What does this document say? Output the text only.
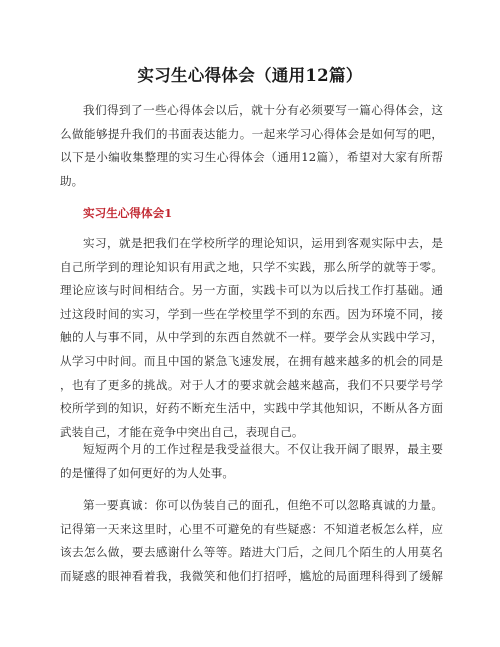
实习生心得体会（通用12篇）
我们得到了一些心得体会以后，就十分有必须要写一篇心得体会，这
么做能够提升我们的书面表达能力。一起来学习心得体会是如何写的吧，
以下是小编收集整理的实习生心得体会（通用12篇），希望对大家有所帮
助。
实习生心得体会1
实习，就是把我们在学校所学的理论知识，运用到客观实际中去，是
自己所学到的理论知识有用武之地，只学不实践，那么所学的就等于零。
理论应该与时间相结合。另一方面，实践卡可以为以后找工作打基础。通
过这段时间的实习，学到一些在学校里学不到的东西。因为环境不同，接
触的人与事不同，从中学到的东西自然就不一样。要学会从实践中学习，
从学习中时间。而且中国的紧急飞速发展，在拥有越来越多的机会的同是
，也有了更多的挑战。对于人才的要求就会越来越高，我们不只要学号学
校所学到的知识，好药不断充生活中，实践中学其他知识，不断从各方面
武装自己，才能在竞争中突出自己，表现自己。
短短两个月的工作过程是我受益很大。不仅让我开阔了眼界，最主要
的是懂得了如何更好的为人处事。
第一要真诚：你可以伪装自己的面孔，但绝不可以忽略真诚的力量。
记得第一天来这里时，心里不可避免的有些疑惑：不知道老板怎么样，应
该去怎么做，要去感谢什么等等。踏进大门后，之间几个陌生的人用莫名
而疑惑的眼神看着我，我微笑和他们打招呼，尴尬的局面理科得到了缓解
